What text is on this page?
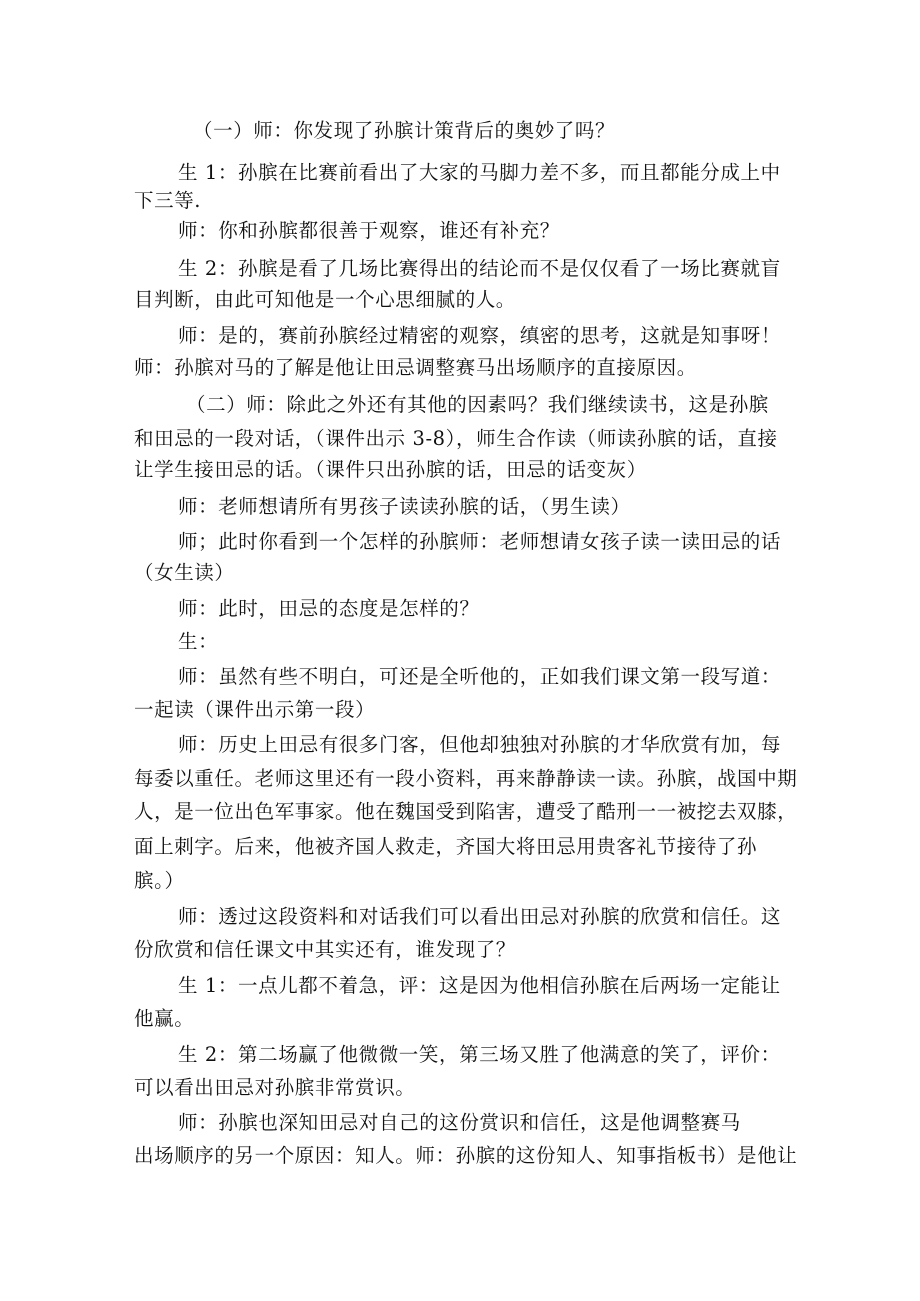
（一）师：你发现了孙膑计策背后的奥妙了吗？
生 1：孙膑在比赛前看出了大家的马脚力差不多，而且都能分成上中
下三等.
师：你和孙膑都很善于观察，谁还有补充？
生 2：孙膑是看了几场比赛得出的结论而不是仅仅看了一场比赛就盲
目判断，由此可知他是一个心思细腻的人。
师：是的，赛前孙膑经过精密的观察，缜密的思考，这就是知事呀！
师：孙膑对马的了解是他让田忌调整赛马出场顺序的直接原因。
（二）师：除此之外还有其他的因素吗？我们继续读书，这是孙膑
和田忌的一段对话，（课件出示 3-8），师生合作读（师读孙膑的话，直接
让学生接田忌的话。（课件只出孙膑的话，田忌的话变灰）
师：老师想请所有男孩子读读孙膑的话，（男生读）
师；此时你看到一个怎样的孙膑师：老师想请女孩子读一读田忌的话
（女生读）
师：此时，田忌的态度是怎样的？
生：
师：虽然有些不明白，可还是全听他的，正如我们课文第一段写道：
一起读（课件出示第一段）
师：历史上田忌有很多门客，但他却独独对孙膑的才华欣赏有加，每
每委以重任。老师这里还有一段小资料，再来静静读一读。孙膑，战国中期
人，是一位出色军事家。他在魏国受到陷害，遭受了酷刑一一被挖去双膝，
面上刺字。后来，他被齐国人救走，齐国大将田忌用贵客礼节接待了孙
膑。）
师：透过这段资料和对话我们可以看出田忌对孙膑的欣赏和信任。这
份欣赏和信任课文中其实还有，谁发现了？
生 1：一点儿都不着急，评：这是因为他相信孙膑在后两场一定能让
他赢。
生 2：第二场赢了他微微一笑，第三场又胜了他满意的笑了，评价：
可以看出田忌对孙膑非常赏识。
师：孙膑也深知田忌对自己的这份赏识和信任，这是他调整赛马
出场顺序的另一个原因：知人。师：孙膑的这份知人、知事指板书）是他让
